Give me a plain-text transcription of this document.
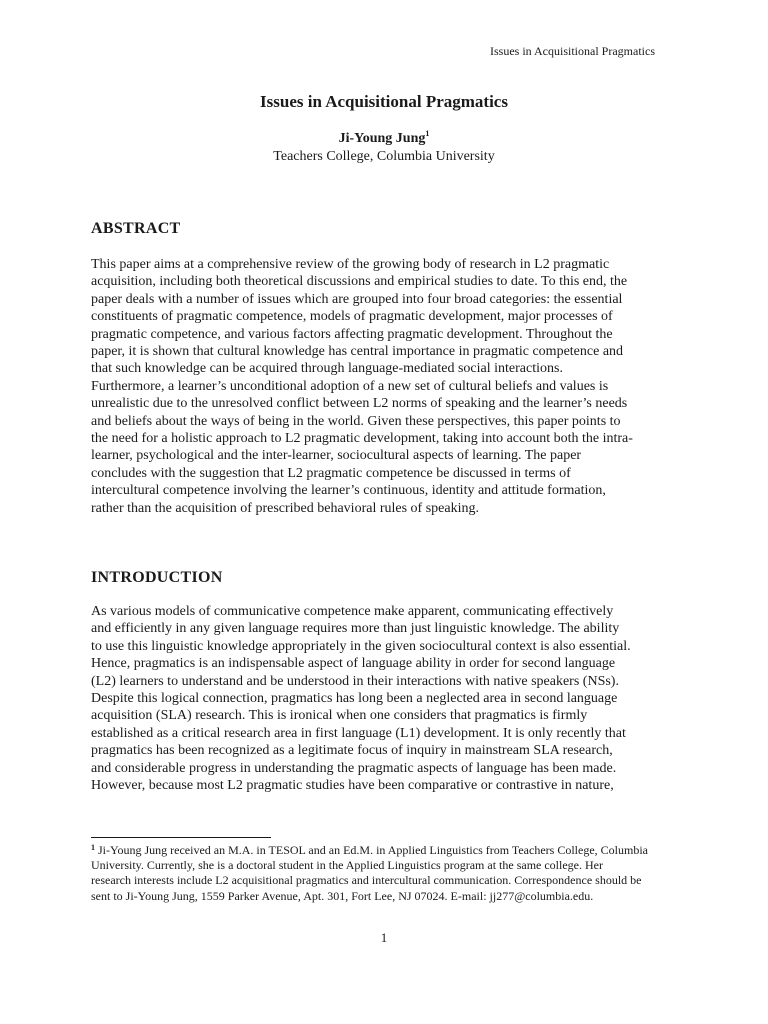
Issues in Acquisitional Pragmatics
Issues in Acquisitional Pragmatics
Ji-Young Jung$^1$
Teachers College, Columbia University
ABSTRACT
This paper aims at a comprehensive review of the growing body of research in L2 pragmatic
acquisition, including both theoretical discussions and empirical studies to date. To this end, the
paper deals with a number of issues which are grouped into four broad categories: the essential
constituents of pragmatic competence, models of pragmatic development, major processes of
pragmatic competence, and various factors affecting pragmatic development. Throughout the
paper, it is shown that cultural knowledge has central importance in pragmatic competence and
that such knowledge can be acquired through language-mediated social interactions.
Furthermore, a learner’s unconditional adoption of a new set of cultural beliefs and values is
unrealistic due to the unresolved conflict between L2 norms of speaking and the learner’s needs
and beliefs about the ways of being in the world. Given these perspectives, this paper points to
the need for a holistic approach to L2 pragmatic development, taking into account both the intra-
learner, psychological and the inter-learner, sociocultural aspects of learning. The paper
concludes with the suggestion that L2 pragmatic competence be discussed in terms of
intercultural competence involving the learner’s continuous, identity and attitude formation,
rather than the acquisition of prescribed behavioral rules of speaking.
INTRODUCTION
As various models of communicative competence make apparent, communicating effectively
and efficiently in any given language requires more than just linguistic knowledge. The ability
to use this linguistic knowledge appropriately in the given sociocultural context is also essential.
Hence, pragmatics is an indispensable aspect of language ability in order for second language
(L2) learners to understand and be understood in their interactions with native speakers (NSs).
Despite this logical connection, pragmatics has long been a neglected area in second language
acquisition (SLA) research. This is ironical when one considers that pragmatics is firmly
established as a critical research area in first language (L1) development. It is only recently that
pragmatics has been recognized as a legitimate focus of inquiry in mainstream SLA research,
and considerable progress in understanding the pragmatic aspects of language has been made.
However, because most L2 pragmatic studies have been comparative or contrastive in nature,
$^1$ Ji-Young Jung received an M.A. in TESOL and an Ed.M. in Applied Linguistics from Teachers College, Columbia
University. Currently, she is a doctoral student in the Applied Linguistics program at the same college. Her
research interests include L2 acquisitional pragmatics and intercultural communication. Correspondence should be
sent to Ji-Young Jung, 1559 Parker Avenue, Apt. 301, Fort Lee, NJ 07024. E-mail: jj277@columbia.edu.
1
